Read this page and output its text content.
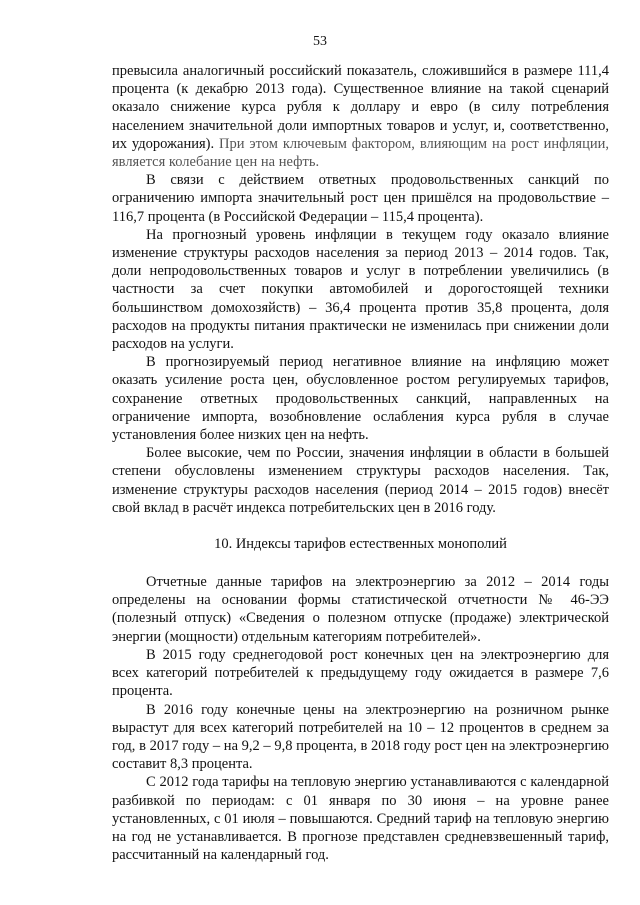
53

превысила аналогичный российский показатель, сложившийся в размере 111,4 процента (к декабрю 2013 года). Существенное влияние на такой сценарий оказало снижение курса рубля к доллару и евро (в силу потребления населением значительной доли импортных товаров и услуг, и, соответственно, их удорожания). При этом ключевым фактором, влияющим на рост инфляции, является колебание цен на нефть.

В связи с действием ответных продовольственных санкций по ограничению импорта значительный рост цен пришёлся на продовольствие – 116,7 процента (в Российской Федерации – 115,4 процента).

На прогнозный уровень инфляции в текущем году оказало влияние изменение структуры расходов населения за период 2013 – 2014 годов. Так, доли непродовольственных товаров и услуг в потреблении увеличились (в частности за счет покупки автомобилей и дорогостоящей техники большинством домохозяйств) – 36,4 процента против 35,8 процента, доля расходов на продукты питания практически не изменилась при снижении доли расходов на услуги.

В прогнозируемый период негативное влияние на инфляцию может оказать усиление роста цен, обусловленное ростом регулируемых тарифов, сохранение ответных продовольственных санкций, направленных на ограничение импорта, возобновление ослабления курса рубля в случае установления более низких цен на нефть.

Более высокие, чем по России, значения инфляции в области в большей степени обусловлены изменением структуры расходов населения. Так, изменение структуры расходов населения (период 2014 – 2015 годов) внесёт свой вклад в расчёт индекса потребительских цен в 2016 году.

10. Индексы тарифов естественных монополий

Отчетные данные тарифов на электроэнергию за 2012 – 2014 годы определены на основании формы статистической отчетности № 46-ЭЭ (полезный отпуск) «Сведения о полезном отпуске (продаже) электрической энергии (мощности) отдельным категориям потребителей».

В 2015 году среднегодовой рост конечных цен на электроэнергию для всех категорий потребителей к предыдущему году ожидается в размере 7,6 процента.

В 2016 году конечные цены на электроэнергию на розничном рынке вырастут для всех категорий потребителей на 10 – 12 процентов в среднем за год, в 2017 году – на 9,2 – 9,8 процента, в 2018 году рост цен на электроэнергию составит 8,3 процента.

С 2012 года тарифы на тепловую энергию устанавливаются с календарной разбивкой по периодам: с 01 января по 30 июня – на уровне ранее установленных, с 01 июля – повышаются. Средний тариф на тепловую энергию на год не устанавливается. В прогнозе представлен средневзвешенный тариф, рассчитанный на календарный год.
